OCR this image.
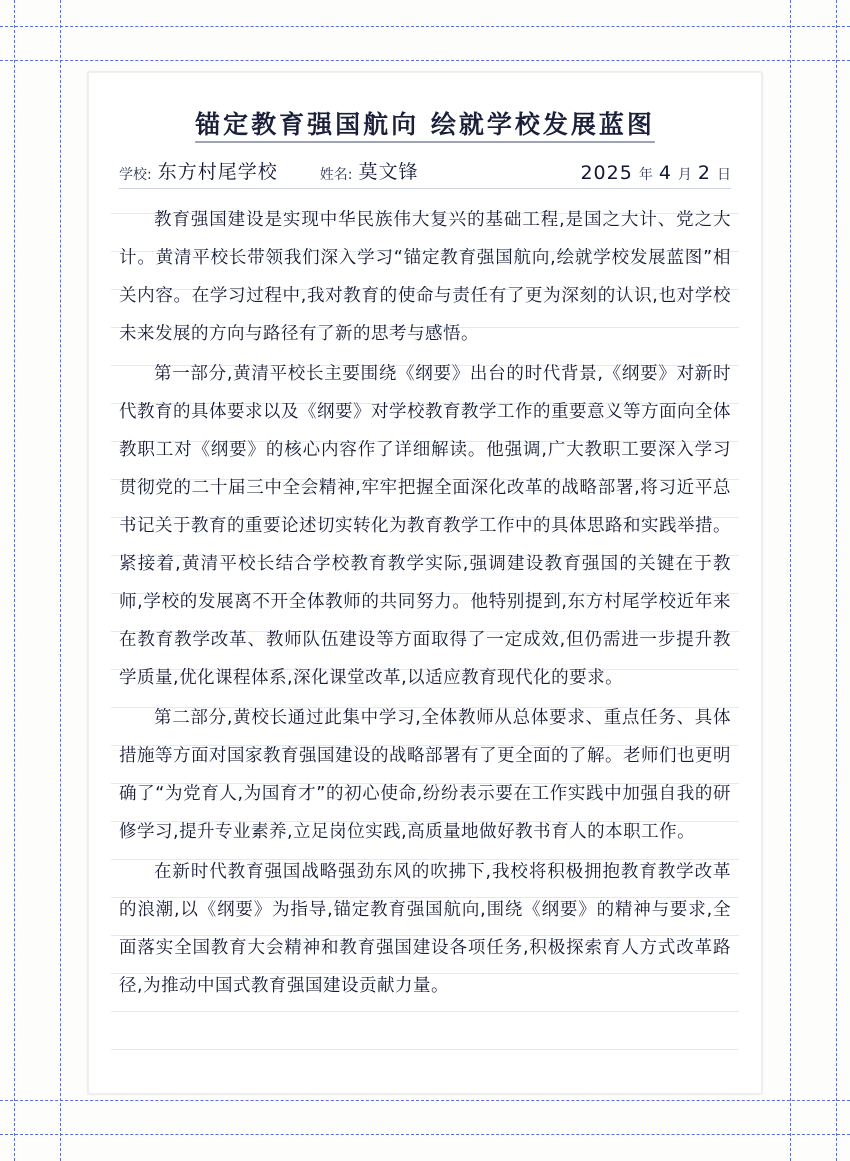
锚定教育强国航向 绘就学校发展蓝图
学校: 东方村尾学校	姓名: 莫文锋	2025 年 4 月 2 日

教育强国建设是实现中华民族伟大复兴的基础工程,是国之大计、党之大计。黄清平校长带领我们深入学习“锚定教育强国航向,绘就学校发展蓝图”相关内容。在学习过程中,我对教育的使命与责任有了更为深刻的认识,也对学校未来发展的方向与路径有了新的思考与感悟。

第一部分,黄清平校长主要围绕《纲要》出台的时代背景,《纲要》对新时代教育的具体要求以及《纲要》对学校教育教学工作的重要意义等方面向全体教职工对《纲要》的核心内容作了详细解读。他强调,广大教职工要深入学习贯彻党的二十届三中全会精神,牢牢把握全面深化改革的战略部署,将习近平总书记关于教育的重要论述切实转化为教育教学工作中的具体思路和实践举措。紧接着,黄清平校长结合学校教育教学实际,强调建设教育强国的关键在于教师,学校的发展离不开全体教师的共同努力。他特别提到,东方村尾学校近年来在教育教学改革、教师队伍建设等方面取得了一定成效,但仍需进一步提升教学质量,优化课程体系,深化课堂改革,以适应教育现代化的要求。

第二部分,黄校长通过此集中学习,全体教师从总体要求、重点任务、具体措施等方面对国家教育强国建设的战略部署有了更全面的了解。老师们也更明确了“为党育人,为国育才”的初心使命,纷纷表示要在工作实践中加强自我的研修学习,提升专业素养,立足岗位实践,高质量地做好教书育人的本职工作。

在新时代教育强国战略强劲东风的吹拂下,我校将积极拥抱教育教学改革的浪潮,以《纲要》为指导,锚定教育强国航向,围绕《纲要》的精神与要求,全面落实全国教育大会精神和教育强国建设各项任务,积极探索育人方式改革路径,为推动中国式教育强国建设贡献力量。
